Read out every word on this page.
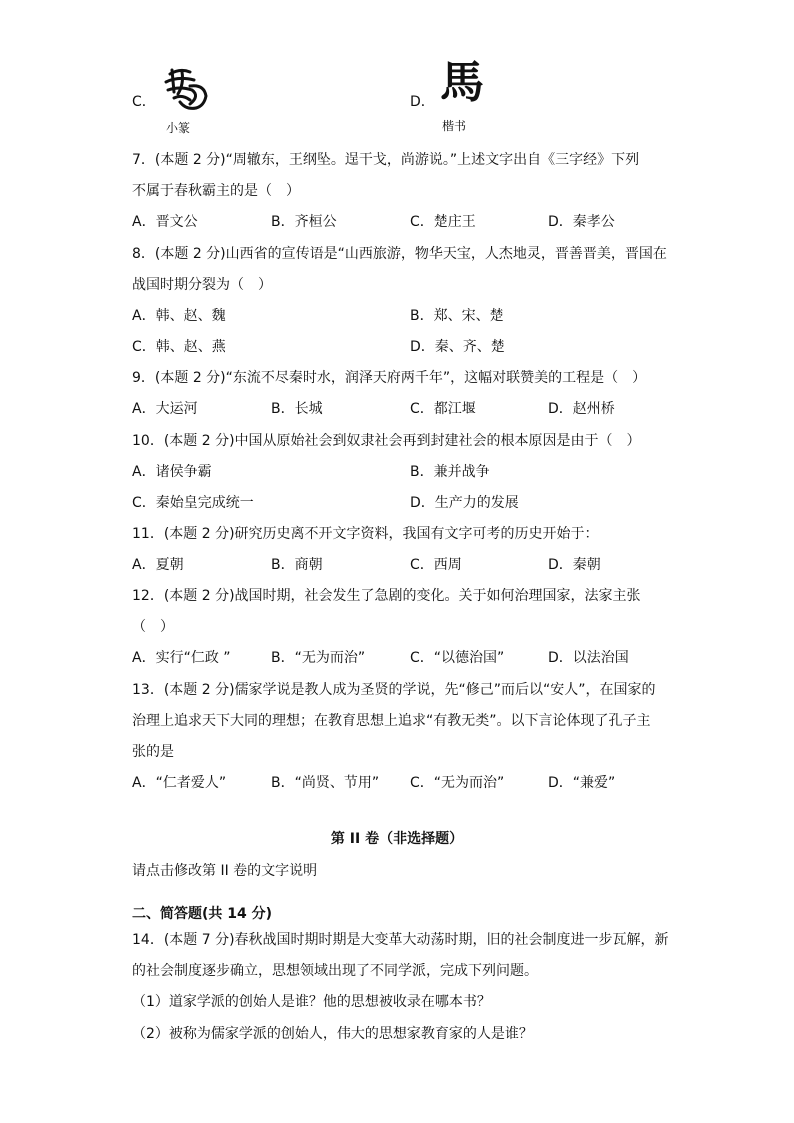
C．
小篆
D． 馬
楷书
7．(本题 2 分)“周辙东，王纲坠。逞干戈，尚游说。”上述文字出自《三字经》下列
不属于春秋霸主的是（　）
A．晋文公	B．齐桓公	C．楚庄王	D．秦孝公
8．(本题 2 分)山西省的宣传语是“山西旅游，物华天宝，人杰地灵，晋善晋美，晋国在
战国时期分裂为（　）
A．韩、赵、魏	B．郑、宋、楚
C．韩、赵、燕	D．秦、齐、楚
9．(本题 2 分)“东流不尽秦时水，润泽天府两千年”，这幅对联赞美的工程是（　）
A．大运河	B．长城	C．都江堰	D．赵州桥
10．(本题 2 分)中国从原始社会到奴隶社会再到封建社会的根本原因是由于（　）
A．诸侯争霸	B．兼并战争
C．秦始皇完成统一	D．生产力的发展
11．(本题 2 分)研究历史离不开文字资料，我国有文字可考的历史开始于：
A．夏朝	B．商朝	C．西周	D．秦朝
12．(本题 2 分)战国时期，社会发生了急剧的变化。关于如何治理国家，法家主张
（　）
A．实行“仁政 ”	B．“无为而治”	C．“以德治国”	D．以法治国
13．(本题 2 分)儒家学说是教人成为圣贤的学说，先“修己”而后以“安人”，在国家的
治理上追求天下大同的理想；在教育思想上追求“有教无类”。以下言论体现了孔子主
张的是
A．“仁者爱人”	B．“尚贤、节用” C．“无为而治”	D．“兼爱”
第 II 卷（非选择题）
请点击修改第 II 卷的文字说明
二、简答题(共 14 分)
14．(本题 7 分)春秋战国时期时期是大变革大动荡时期，旧的社会制度进一步瓦解，新
的社会制度逐步确立，思想领域出现了不同学派，完成下列问题。
（1）道家学派的创始人是谁？他的思想被收录在哪本书？
（2）被称为儒家学派的创始人，伟大的思想家教育家的人是谁？
